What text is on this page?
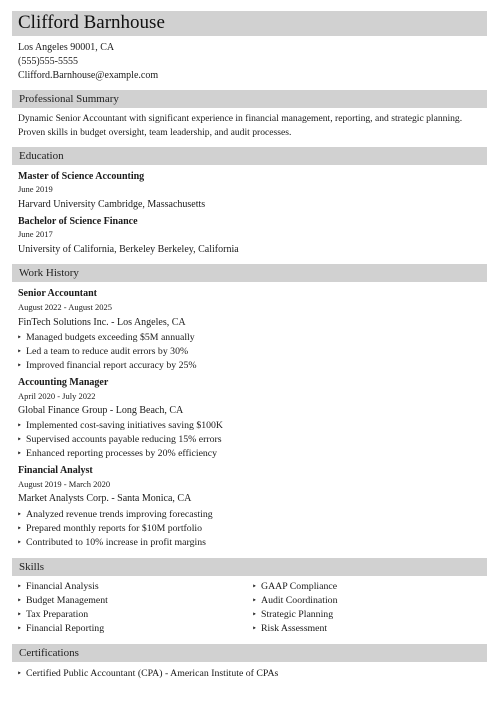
Clifford Barnhouse
Los Angeles 90001, CA
(555)555-5555
Clifford.Barnhouse@example.com
Professional Summary
Dynamic Senior Accountant with significant experience in financial management, reporting, and strategic planning.
Proven skills in budget oversight, team leadership, and audit processes.
Education
Master of Science Accounting
June 2019
Harvard University Cambridge, Massachusetts
Bachelor of Science Finance
June 2017
University of California, Berkeley Berkeley, California
Work History
Senior Accountant
August 2022 - August 2025
FinTech Solutions Inc. - Los Angeles, CA
‣ Managed budgets exceeding $5M annually
‣ Led a team to reduce audit errors by 30%
‣ Improved financial report accuracy by 25%
Accounting Manager
April 2020 - July 2022
Global Finance Group - Long Beach, CA
‣ Implemented cost-saving initiatives saving $100K
‣ Supervised accounts payable reducing 15% errors
‣ Enhanced reporting processes by 20% efficiency
Financial Analyst
August 2019 - March 2020
Market Analysts Corp. - Santa Monica, CA
‣ Analyzed revenue trends improving forecasting
‣ Prepared monthly reports for $10M portfolio
‣ Contributed to 10% increase in profit margins
Skills
‣ Financial Analysis
‣ Budget Management
‣ Tax Preparation
‣ Financial Reporting
‣ GAAP Compliance
‣ Audit Coordination
‣ Strategic Planning
‣ Risk Assessment
Certifications
‣ Certified Public Accountant (CPA) - American Institute of CPAs
